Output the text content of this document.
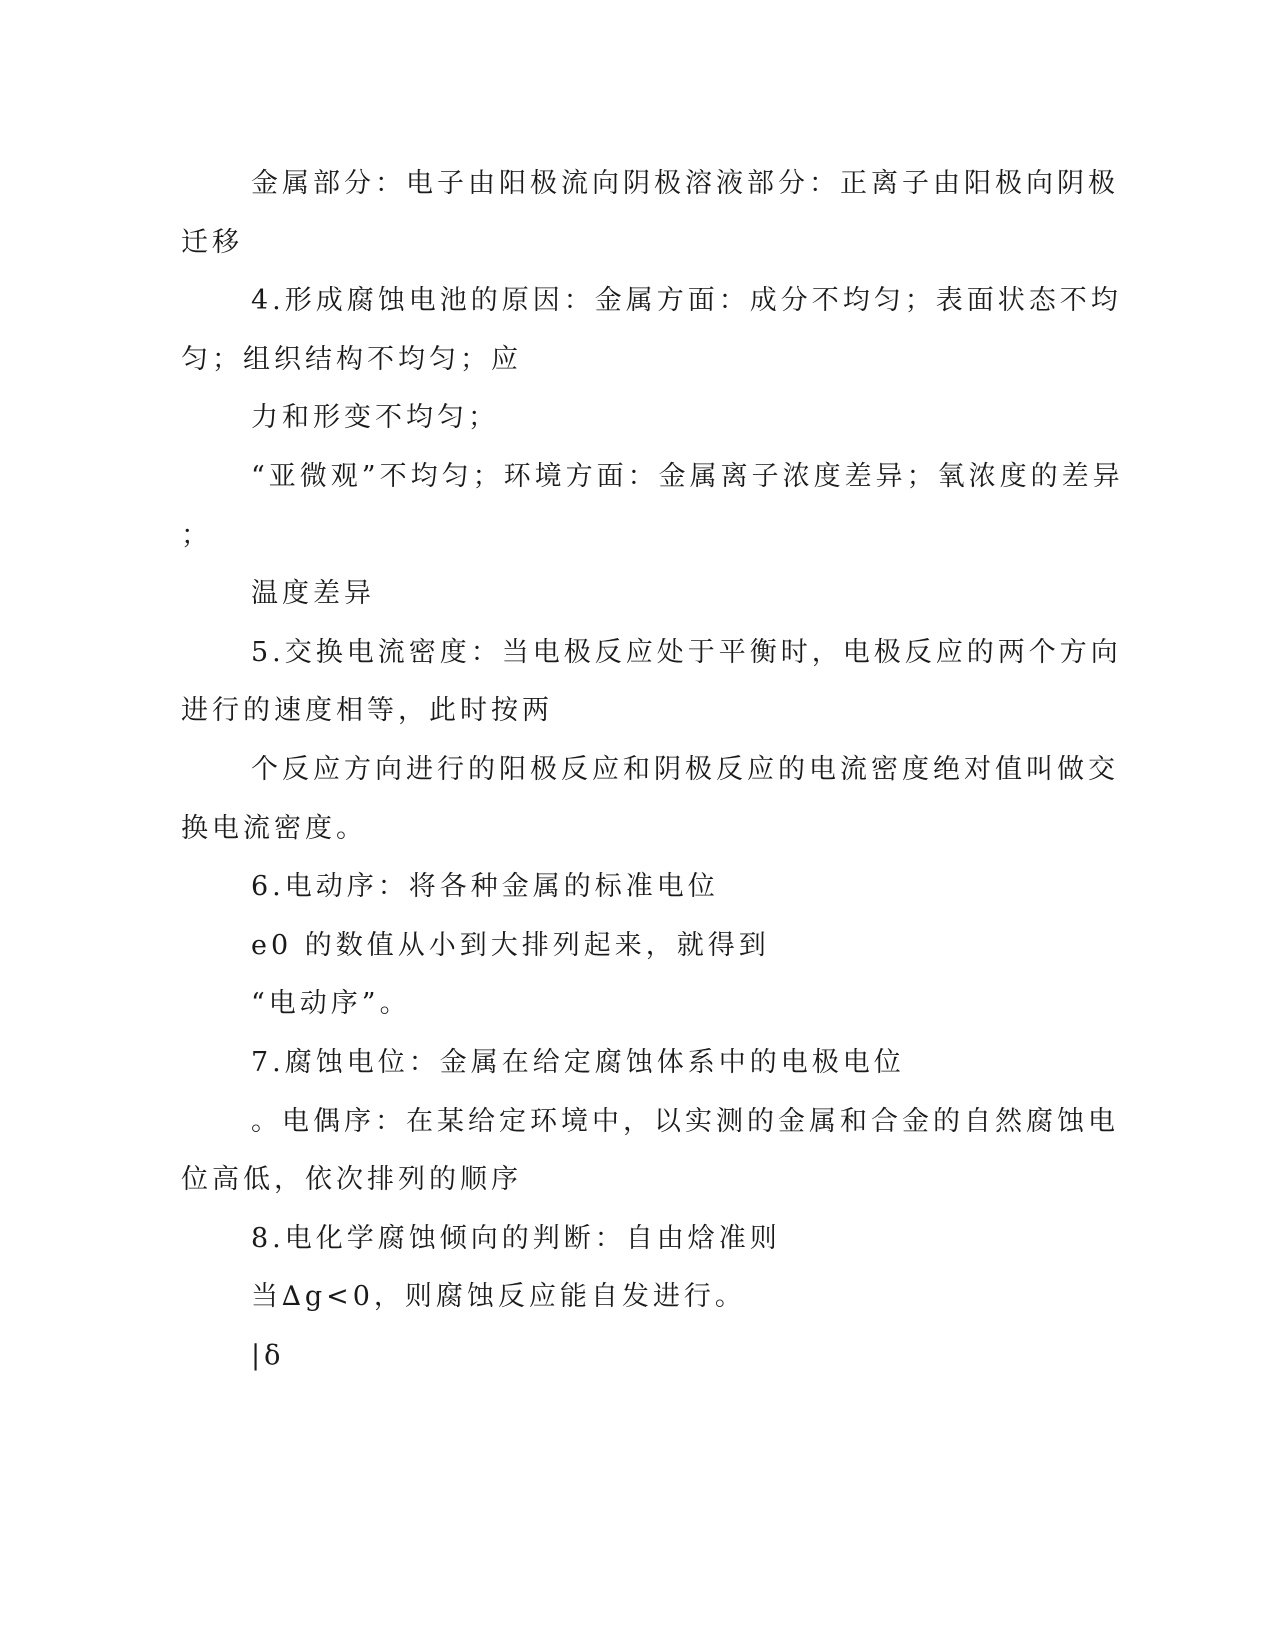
金属部分：电子由阳极流向阴极溶液部分：正离子由阳极向阴极

迁移

4.形成腐蚀电池的原因：金属方面：成分不均匀；表面状态不均

匀；组织结构不均匀；应

力和形变不均匀；

“亚微观”不均匀；环境方面：金属离子浓度差异；氧浓度的差异

；

温度差异

5.交换电流密度：当电极反应处于平衡时，电极反应的两个方向

进行的速度相等，此时按两

个反应方向进行的阳极反应和阴极反应的电流密度绝对值叫做交

换电流密度。

6.电动序：将各种金属的标准电位

e0 的数值从小到大排列起来，就得到

“电动序”。

7.腐蚀电位：金属在给定腐蚀体系中的电极电位

。电偶序：在某给定环境中，以实测的金属和合金的自然腐蚀电

位高低，依次排列的顺序

8.电化学腐蚀倾向的判断：自由焓准则

当∆g<0，则腐蚀反应能自发进行。

|δ
